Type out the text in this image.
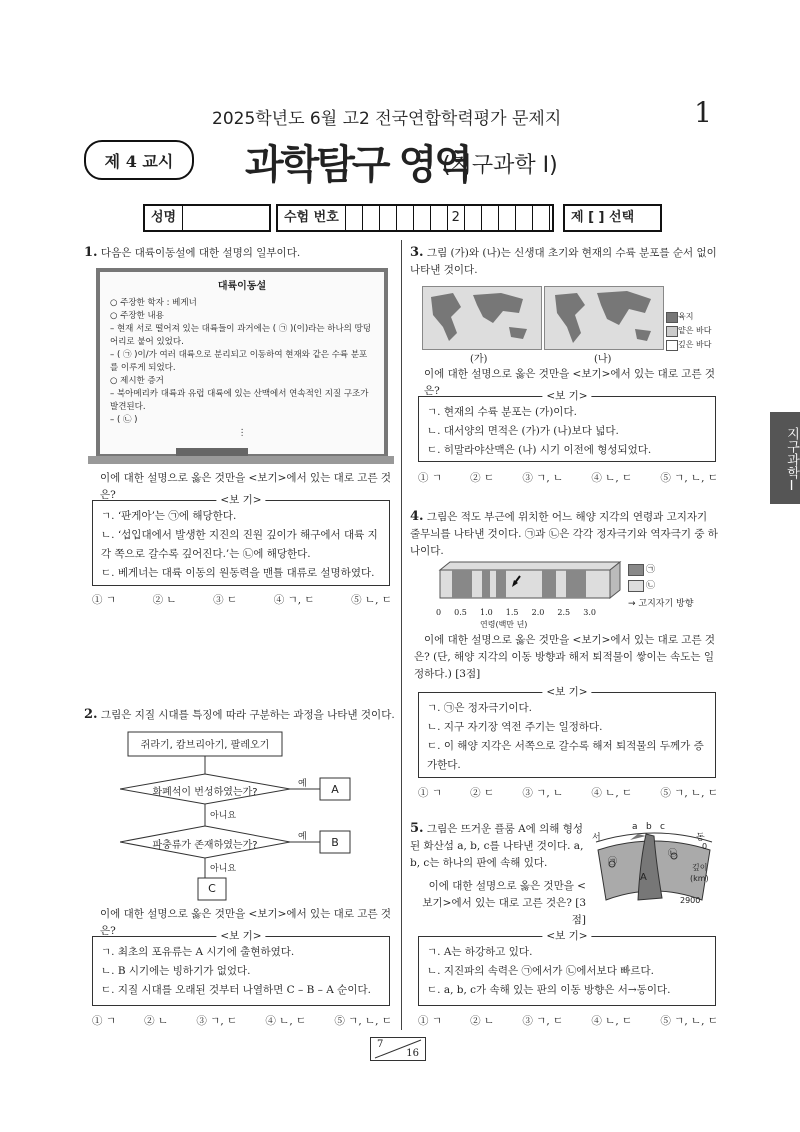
2025학년도 6월 고2 전국연합학력평가 문제지	1
제 4 교시	과학탐구 영역
(지구과학 Ⅰ)
성명	수험 번호	2	제 [ ] 선택
지구과학Ⅰ
1. 다음은 대륙이동설에 대한 설명의 일부이다.
대륙이동설
○ 주장한 학자 : 베게너
○ 주장한 내용
– 현재 서로 떨어져 있는 대륙들이 과거에는 ( ㉠ )(이)라는 하나의 땅덩어리로 붙어 있었다.
– ( ㉠ )이/가 여러 대륙으로 분리되고 이동하여 현재와 같은 수륙 분포를 이루게 되었다.
○ 제시한 증거
– 북아메리카 대륙과 유럽 대륙에 있는 산맥에서 연속적인 지질 구조가 발견된다.
– ( ㉡ )
⋮
이에 대한 설명으로 옳은 것만을 <보기>에서 있는 대로 고른 것은?	<보 기>
ㄱ. ‘판게아’는 ㉠에 해당한다.
ㄴ. ‘섭입대에서 발생한 지진의 진원 깊이가 해구에서 대륙 지각 쪽으로 갈수록 깊어진다.’는 ㉡에 해당한다.
ㄷ. 베게너는 대륙 이동의 원동력을 맨틀 대류로 설명하였다.
① ㄱ	② ㄴ	③ ㄷ	④ ㄱ, ㄷ	⑤ ㄴ, ㄷ
2. 그림은 지질 시대를 특징에 따라 구분하는 과정을 나타낸 것이다.
쥐라기, 캄브리아기, 팔레오기
화폐석이 번성하였는가?
파충류가 존재하였는가?
예
예
아니요
아니요
A
B
C
이에 대한 설명으로 옳은 것만을 <보기>에서 있는 대로 고른 것은?	<보 기>
ㄱ. 최초의 포유류는 A 시기에 출현하였다.
ㄴ. B 시기에는 빙하기가 없었다.
ㄷ. 지질 시대를 오래된 것부터 나열하면 C – B – A 순이다.
① ㄱ	② ㄴ	③ ㄱ, ㄷ	④ ㄴ, ㄷ	⑤ ㄱ, ㄴ, ㄷ
3. 그림 (가)와 (나)는 신생대 초기와 현재의 수륙 분포를 순서 없이 나타낸 것이다.
육지
얕은 바다
깊은 바다
(가)	(나)
이에 대한 설명으로 옳은 것만을 <보기>에서 있는 대로 고른 것은?	<보 기>
ㄱ. 현재의 수륙 분포는 (가)이다.
ㄴ. 대서양의 면적은 (가)가 (나)보다 넓다.
ㄷ. 히말라야산맥은 (나) 시기 이전에 형성되었다.
① ㄱ	② ㄷ	③ ㄱ, ㄴ	④ ㄴ, ㄷ	⑤ ㄱ, ㄴ, ㄷ
4. 그림은 적도 부근에 위치한 어느 해양 지각의 연령과 고지자기 줄무늬를 나타낸 것이다. ㉠과 ㉡은 각각 정자극기와 역자극기 중 하나이다.
㉠
㉡
→ 고지자기 방향
0 0.5 1.0 1.5 2.0 2.5 3.0
연령(백만 년)
이에 대한 설명으로 옳은 것만을 <보기>에서 있는 대로 고른 것은? (단, 해양 지각의 이동 방향과 해저 퇴적물이 쌓이는 속도는 일정하다.) [3점]
<보 기>
ㄱ. ㉠은 정자극기이다.
ㄴ. 지구 자기장 역전 주기는 일정하다.
ㄷ. 이 해양 지각은 서쪽으로 갈수록 해저 퇴적물의 두께가 증가한다.
① ㄱ	② ㄷ	③ ㄱ, ㄴ	④ ㄴ, ㄷ	⑤ ㄱ, ㄴ, ㄷ
5. 그림은 뜨거운 플룸 A에 의해 형성된 화산섬 a, b, c를 나타낸 것이다. a, b, c는 하나의 판에 속해 있다.
이에 대한 설명으로 옳은 것만을 <보기>에서 있는 대로 고른 것은? [3점]
서	동
a b c
0
㉠
㉡
A
깊이
(km)
2900
<보 기>
ㄱ. A는 하강하고 있다.
ㄴ. 지진파의 속력은 ㉠에서가 ㉡에서보다 빠르다.
ㄷ. a, b, c가 속해 있는 판의 이동 방향은 서→동이다.
① ㄱ	② ㄴ	③ ㄱ, ㄷ	④ ㄴ, ㄷ	⑤ ㄱ, ㄴ, ㄷ
7
16
